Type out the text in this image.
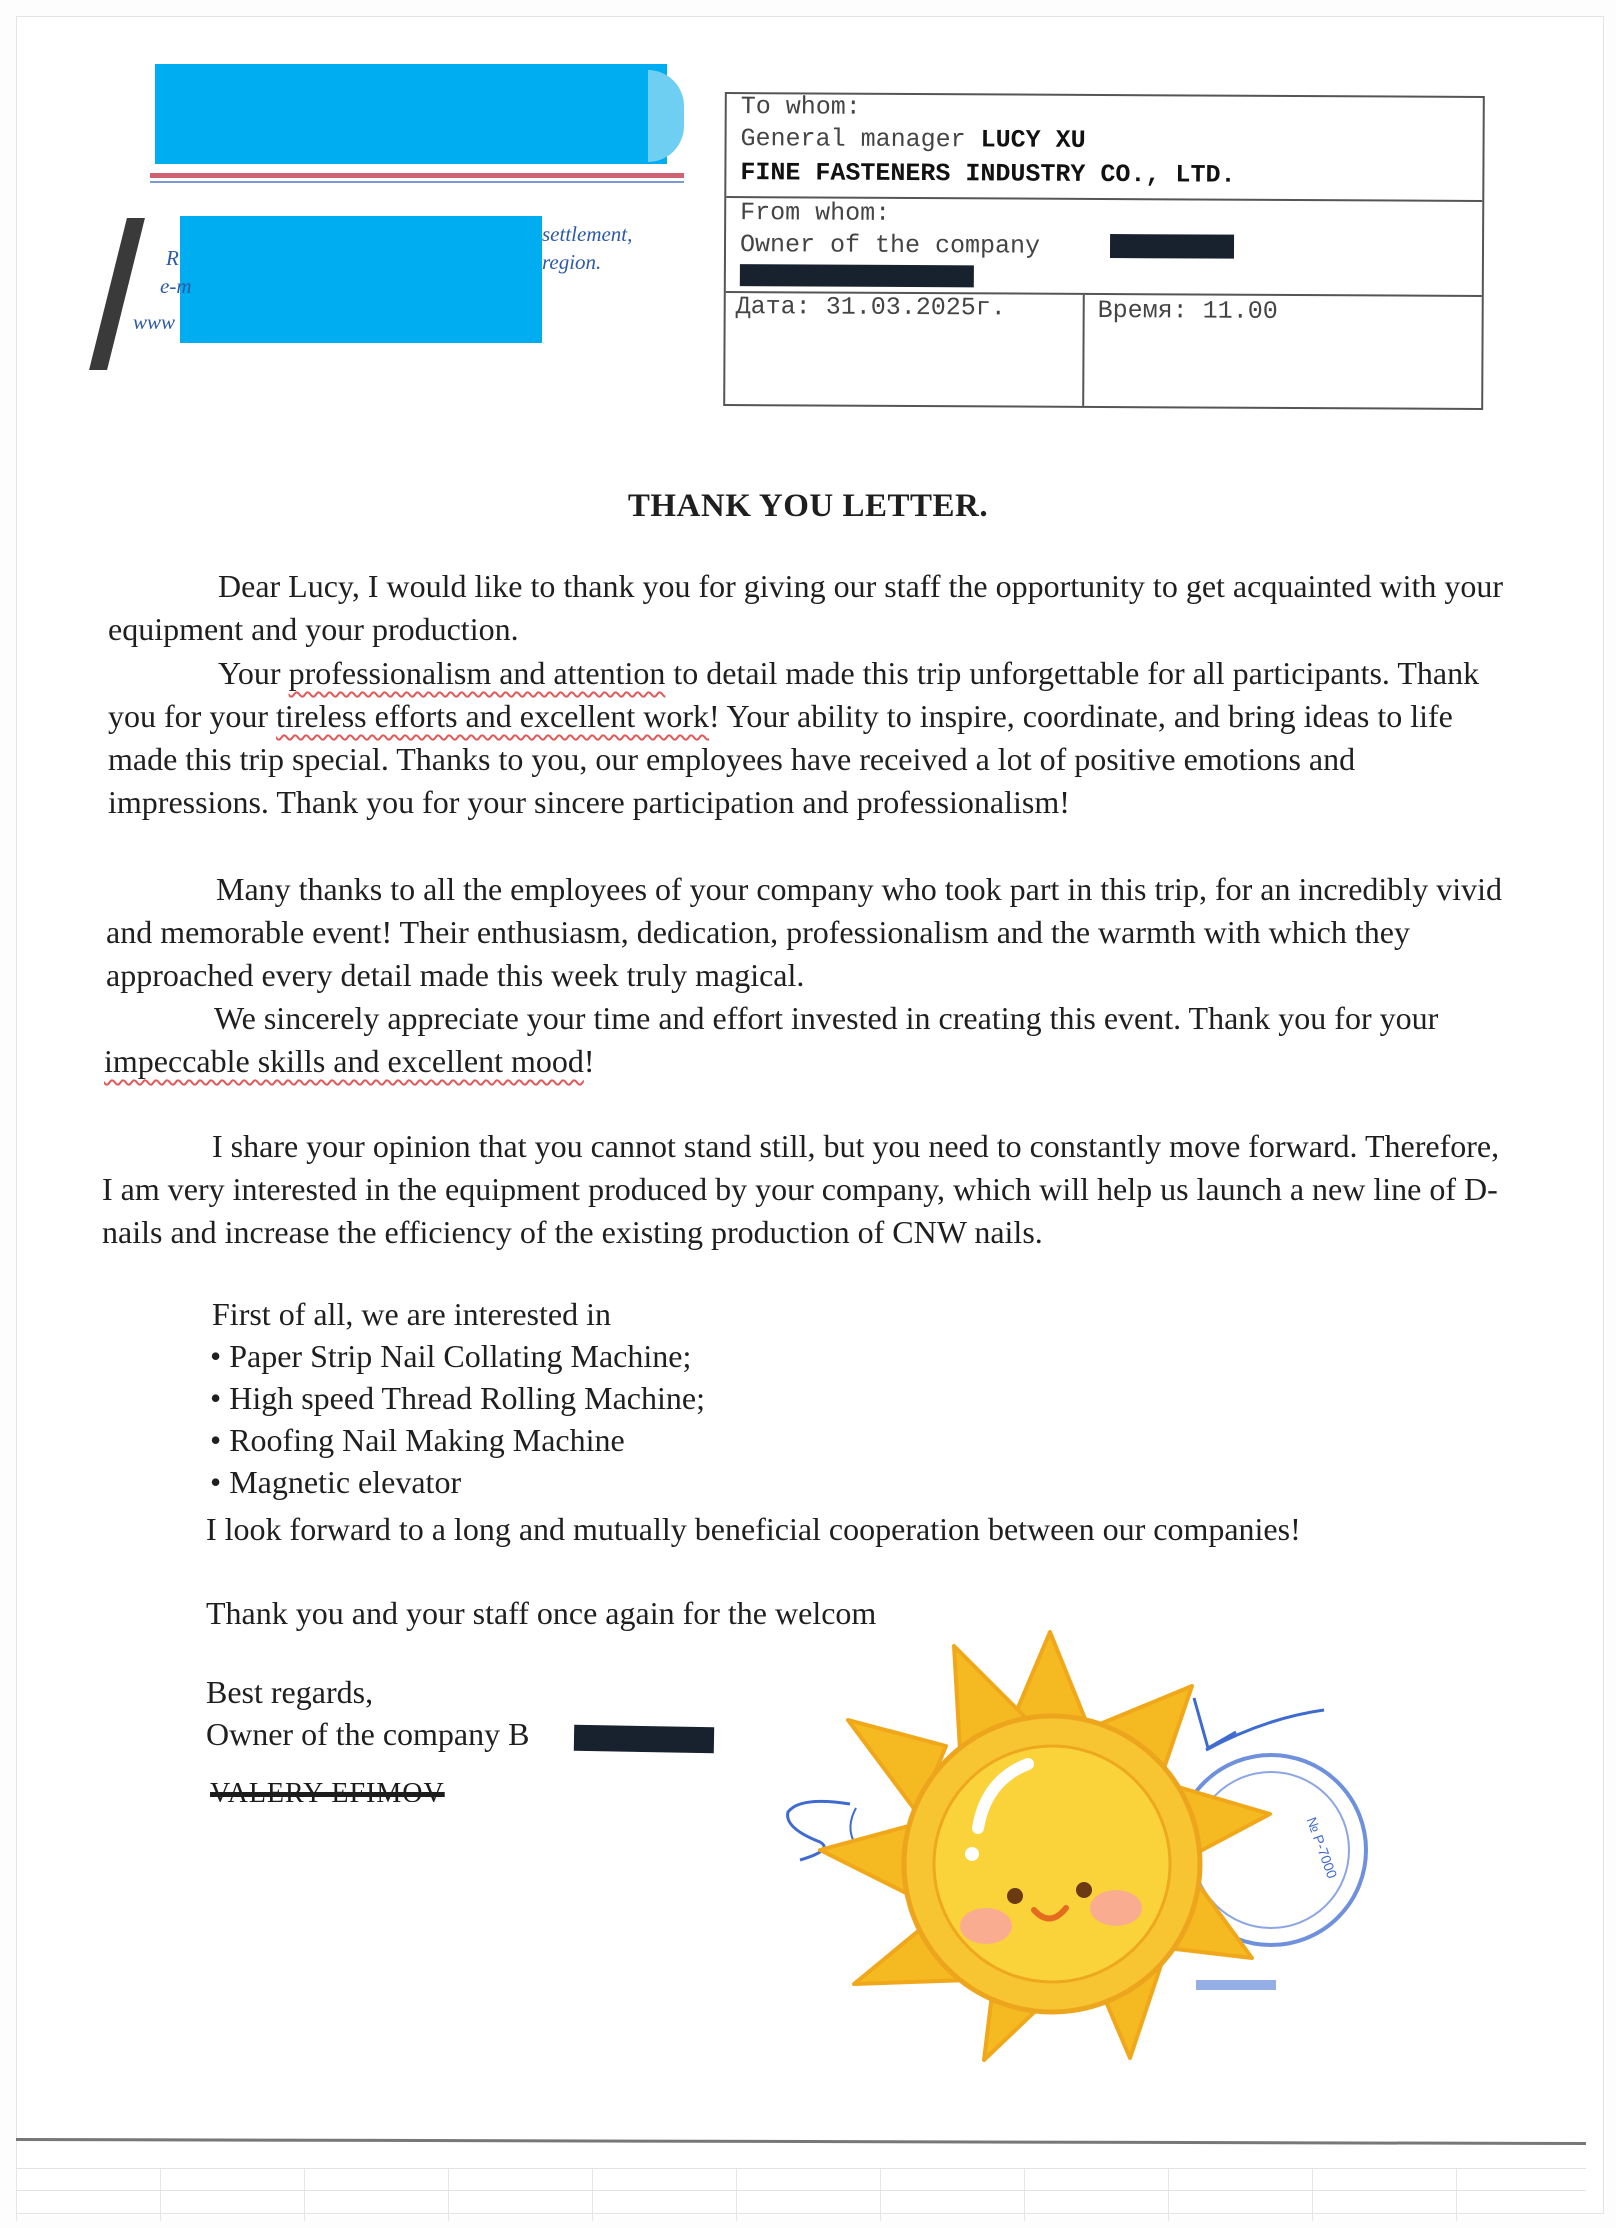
settlement,
region.
R
e-m
www
To whom:
General manager LUCY XU
FINE FASTENERS INDUSTRY CO., LTD.
From whom:
Owner of the company
Дата: 31.03.2025г.	Время: 11.00
THANK YOU LETTER.
Dear Lucy, I would like to thank you for giving our staff the opportunity to get acquainted with your equipment and your production.
Your professionalism and attention to detail made this trip unforgettable for all participants. Thank you for your tireless efforts and excellent work! Your ability to inspire, coordinate, and bring ideas to life made this trip special. Thanks to you, our employees have received a lot of positive emotions and impressions. Thank you for your sincere participation and professionalism!
Many thanks to all the employees of your company who took part in this trip, for an incredibly vivid and memorable event! Their enthusiasm, dedication, professionalism and the warmth with which they approached every detail made this week truly magical.
We sincerely appreciate your time and effort invested in creating this event. Thank you for your impeccable skills and excellent mood!
I share your opinion that you cannot stand still, but you need to constantly move forward. Therefore, I am very interested in the equipment produced by your company, which will help us launch a new line of D-nails and increase the efficiency of the existing production of CNW nails.
First of all, we are interested in
• Paper Strip Nail Collating Machine;
• High speed Thread Rolling Machine;
• Roofing Nail Making Machine
• Magnetic elevator
I look forward to a long and mutually beneficial cooperation between our companies!
Thank you and your staff once again for the welcom
Best regards,
Owner of the company B
VALERY EFIMOV
№ Р-7000
